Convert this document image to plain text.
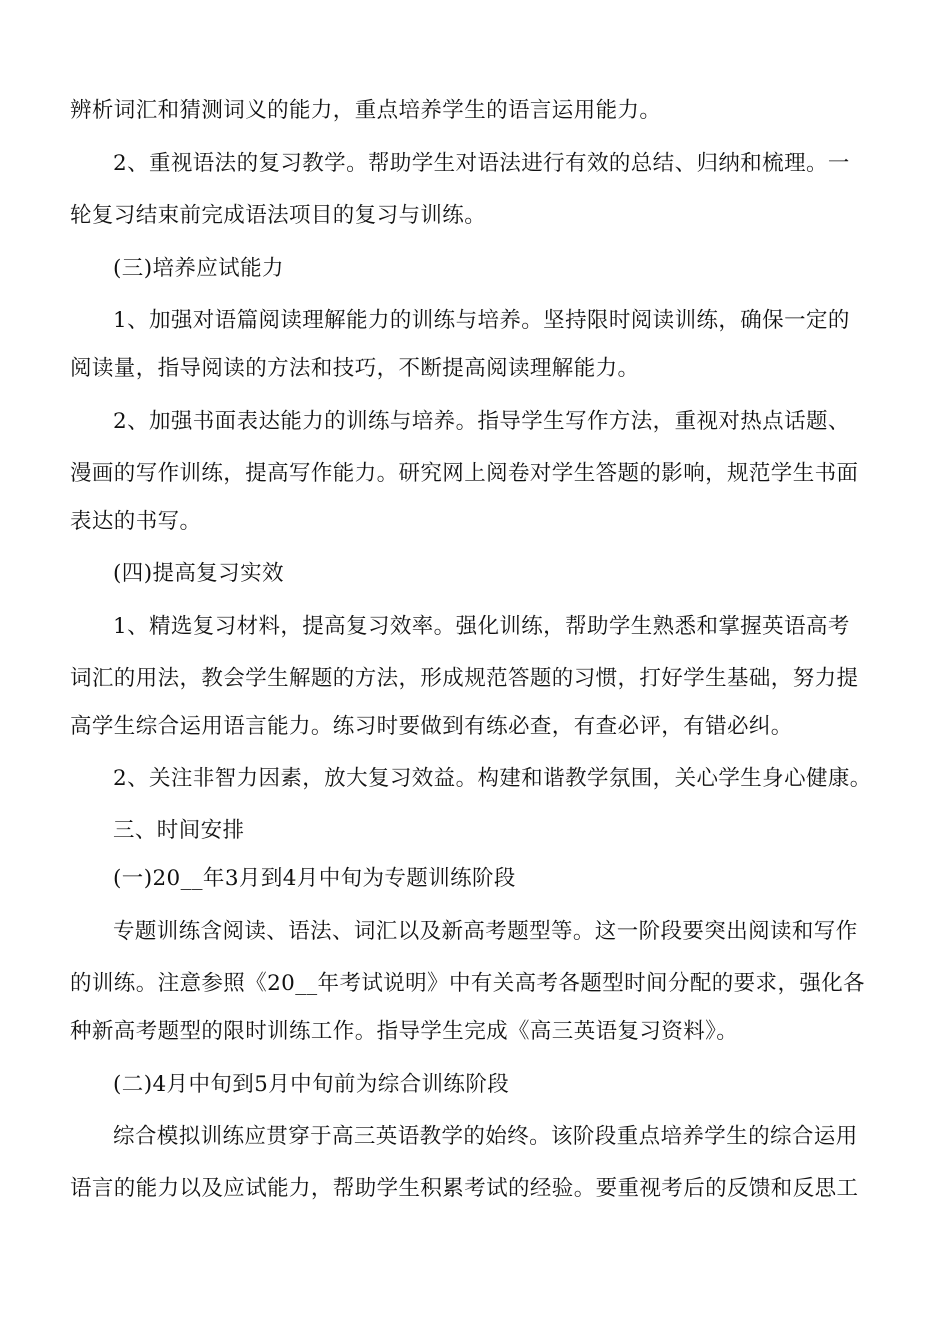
辨析词汇和猜测词义的能力，重点培养学生的语言运用能力。
2、重视语法的复习教学。帮助学生对语法进行有效的总结、归纳和梳理。一
轮复习结束前完成语法项目的复习与训练。
(三)培养应试能力
1、加强对语篇阅读理解能力的训练与培养。坚持限时阅读训练，确保一定的
阅读量，指导阅读的方法和技巧，不断提高阅读理解能力。
2、加强书面表达能力的训练与培养。指导学生写作方法，重视对热点话题、
漫画的写作训练，提高写作能力。研究网上阅卷对学生答题的影响，规范学生书面
表达的书写。
(四)提高复习实效
1、精选复习材料，提高复习效率。强化训练，帮助学生熟悉和掌握英语高考
词汇的用法，教会学生解题的方法，形成规范答题的习惯，打好学生基础，努力提
高学生综合运用语言能力。练习时要做到有练必查，有查必评，有错必纠。
2、关注非智力因素，放大复习效益。构建和谐教学氛围，关心学生身心健康。
三、时间安排
(一)20__年3月到4月中旬为专题训练阶段
专题训练含阅读、语法、词汇以及新高考题型等。这一阶段要突出阅读和写作
的训练。注意参照《20__年考试说明》中有关高考各题型时间分配的要求，强化各
种新高考题型的限时训练工作。指导学生完成《高三英语复习资料》。
(二)4月中旬到5月中旬前为综合训练阶段
综合模拟训练应贯穿于高三英语教学的始终。该阶段重点培养学生的综合运用
语言的能力以及应试能力，帮助学生积累考试的经验。要重视考后的反馈和反思工
